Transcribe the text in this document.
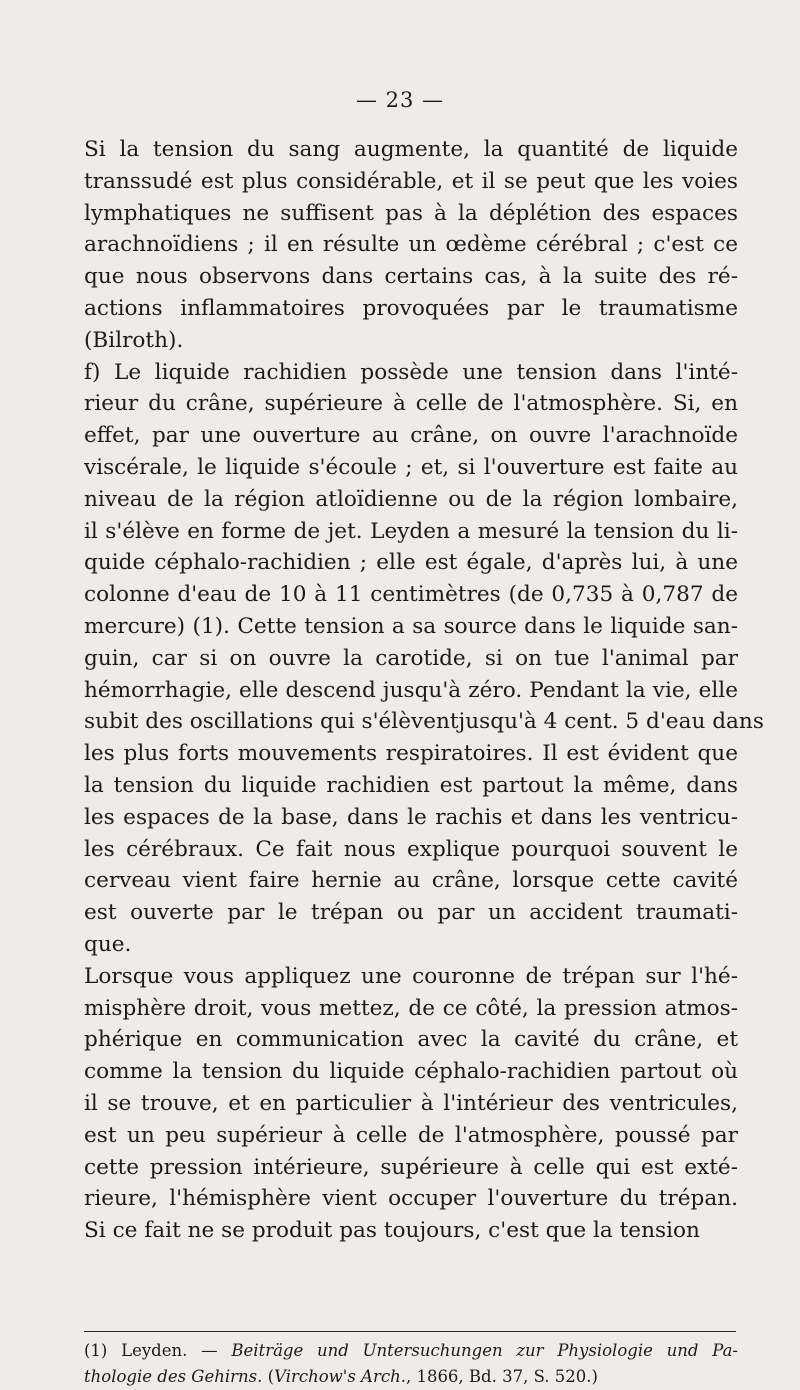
— 23 —
Si la tension du sang augmente, la quantité de liquide
transsudé est plus considérable, et il se peut que les voies
lymphatiques ne suffisent pas à la déplétion des espaces
arachnoïdiens ; il en résulte un œdème cérébral ; c'est ce
que nous observons dans certains cas, à la suite des ré-
actions inflammatoires provoquées par le traumatisme
(Bilroth).
f) Le liquide rachidien possède une tension dans l'inté-
rieur du crâne, supérieure à celle de l'atmosphère. Si, en
effet, par une ouverture au crâne, on ouvre l'arachnoïde
viscérale, le liquide s'écoule ; et, si l'ouverture est faite au
niveau de la région atloïdienne ou de la région lombaire,
il s'élève en forme de jet. Leyden a mesuré la tension du li-
quide céphalo-rachidien ; elle est égale, d'après lui, à une
colonne d'eau de 10 à 11 centimètres (de 0,735 à 0,787 de
mercure) (1). Cette tension a sa source dans le liquide san-
guin, car si on ouvre la carotide, si on tue l'animal par
hémorrhagie, elle descend jusqu'à zéro. Pendant la vie, elle
subit des oscillations qui s'élèventjusqu'à 4 cent. 5 d'eau dans
les plus forts mouvements respiratoires. Il est évident que
la tension du liquide rachidien est partout la même, dans
les espaces de la base, dans le rachis et dans les ventricu-
les cérébraux. Ce fait nous explique pourquoi souvent le
cerveau vient faire hernie au crâne, lorsque cette cavité
est ouverte par le trépan ou par un accident traumati-
que.
Lorsque vous appliquez une couronne de trépan sur l'hé-
misphère droit, vous mettez, de ce côté, la pression atmos-
phérique en communication avec la cavité du crâne, et
comme la tension du liquide céphalo-rachidien partout où
il se trouve, et en particulier à l'intérieur des ventricules,
est un peu supérieur à celle de l'atmosphère, poussé par
cette pression intérieure, supérieure à celle qui est exté-
rieure, l'hémisphère vient occuper l'ouverture du trépan.
Si ce fait ne se produit pas toujours, c'est que la tension
(1) Leyden. — Beiträge und Untersuchungen zur Physiologie und Pa-
thologie des Gehirns. (Virchow's Arch., 1866, Bd. 37, S. 520.)
